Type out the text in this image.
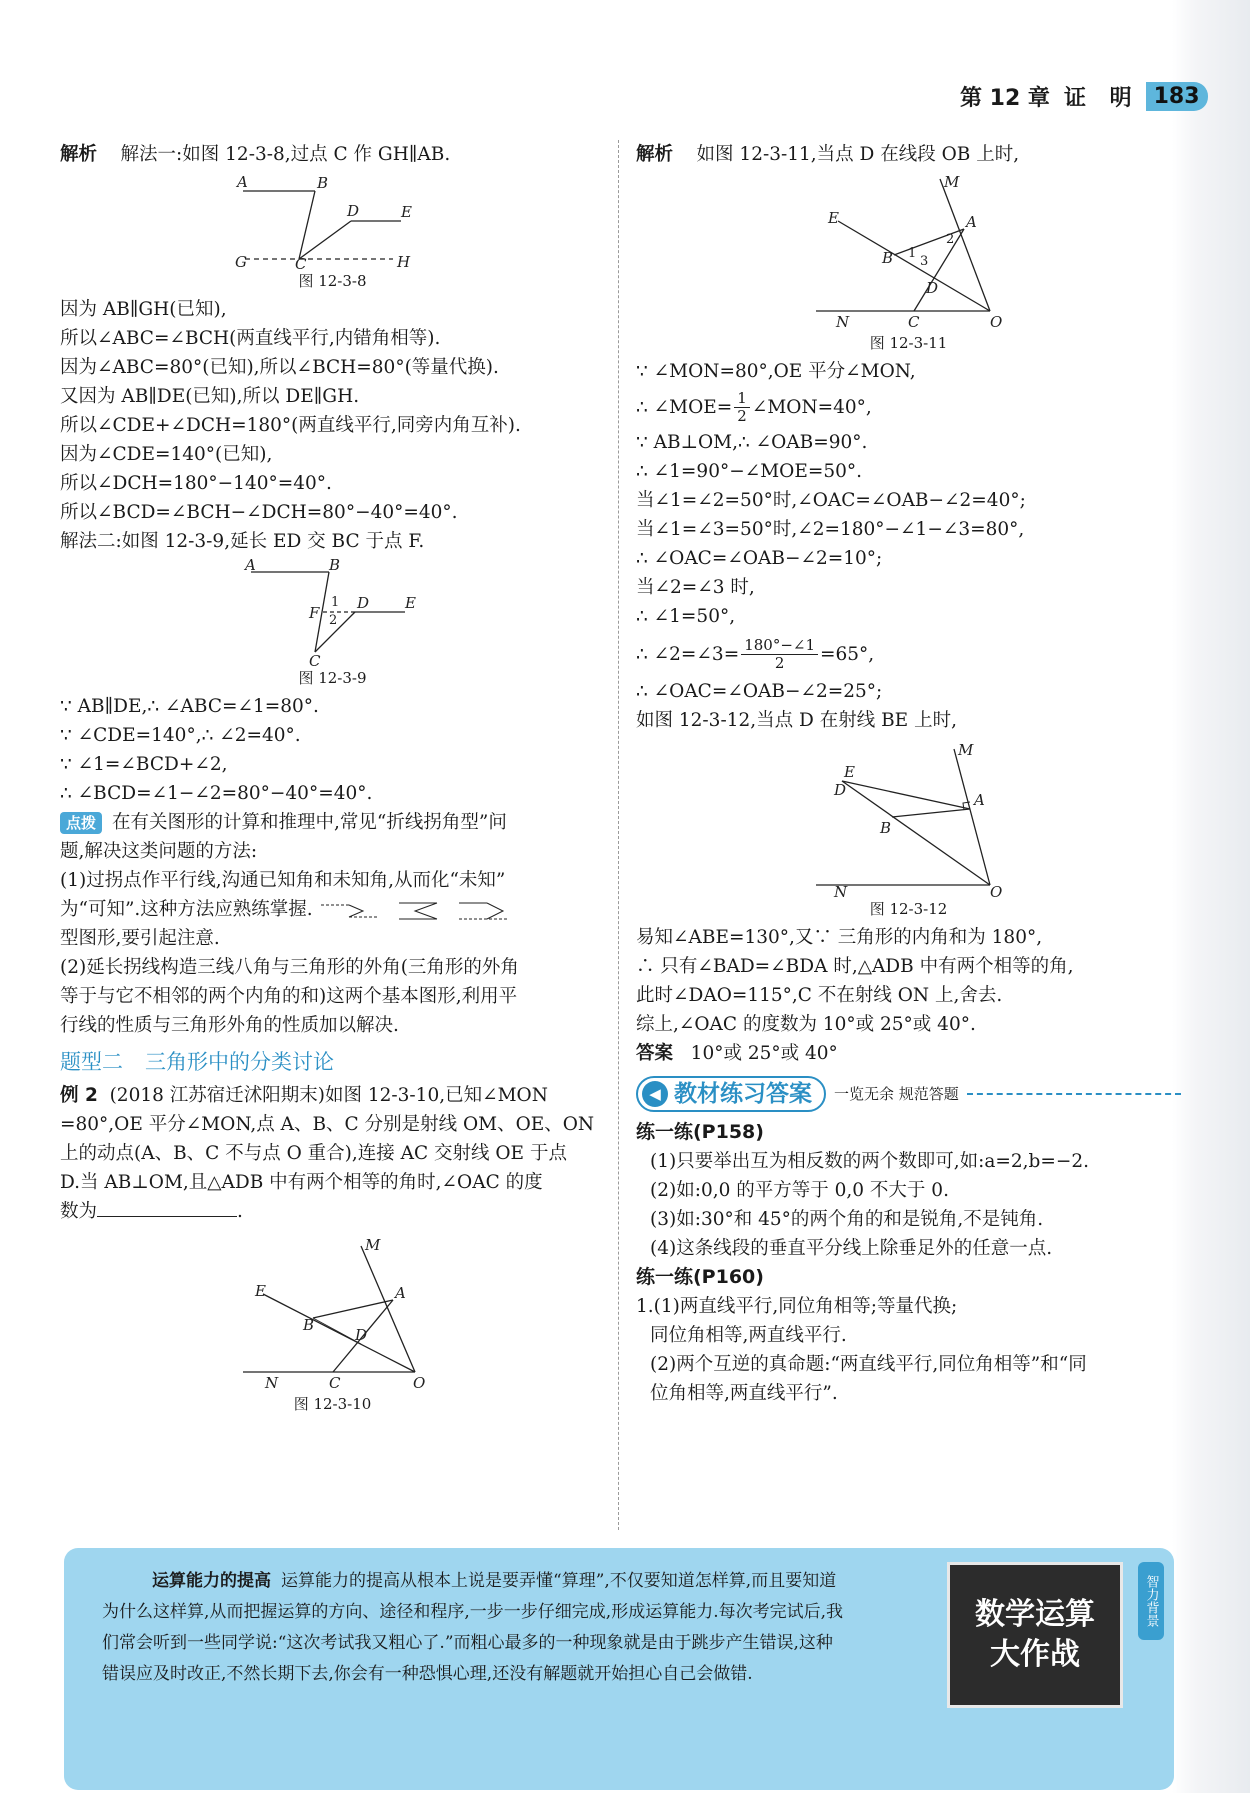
第 12 章 证 明 183
解析 解法一:如图 12-3-8,过点 C 作 GH∥AB.
A	B
D	E
G	C	H
图 12-3-8
因为 AB∥GH(已知),
所以∠ABC=∠BCH(两直线平行,内错角相等).
因为∠ABC=80°(已知),所以∠BCH=80°(等量代换).
又因为 AB∥DE(已知),所以 DE∥GH.
所以∠CDE+∠DCH=180°(两直线平行,同旁内角互补).
因为∠CDE=140°(已知),
所以∠DCH=180°−140°=40°.
所以∠BCD=∠BCH−∠DCH=80°−40°=40°.
解法二:如图 12-3-9,延长 ED 交 BC 于点 F.
A	B
F
1
2
D E
C
图 12-3-9
∵ AB∥DE,∴ ∠ABC=∠1=80°.
∵ ∠CDE=140°,∴ ∠2=40°.
∵ ∠1=∠BCD+∠2,
∴ ∠BCD=∠1−∠2=80°−40°=40°.
点拨 在有关图形的计算和推理中,常见“折线拐角型”问
题,解决这类问题的方法:
(1)过拐点作平行线,沟通已知角和未知角,从而化“未知”
为“可知”.这种方法应熟练掌握.
型图形,要引起注意.
(2)延长拐线构造三线八角与三角形的外角(三角形的外角
等于与它不相邻的两个内角的和)这两个基本图形,利用平
行线的性质与三角形外角的性质加以解决.
题型二 三角形中的分类讨论
例 2 (2018 江苏宿迁沭阳期末)如图 12-3-10,已知∠MON
=80°,OE 平分∠MON,点 A、B、C 分别是射线 OM、OE、ON
上的动点(A、B、C 不与点 O 重合),连接 AC 交射线 OE 于点
D.当 AB⊥OM,且△ADB 中有两个相等的角时,∠OAC 的度
数为	.
M
E	A
B
D
N	C	O
图 12-3-10
解析 如图 12-3-11,当点 D 在线段 OB 上时,
M
E	A
2
B 1
3
D
N	C	O
图 12-3-11
∵ ∠MON=80°,OE 平分∠MON,
∴ ∠MOE= $\frac{1}{2}$ ∠MON=40°,
∵ AB⊥OM,∴ ∠OAB=90°.
∴ ∠1=90°−∠MOE=50°.
当∠1=∠2=50°时,∠OAC=∠OAB−∠2=40°;
当∠1=∠3=50°时,∠2=180°−∠1−∠3=80°,
∴ ∠OAC=∠OAB−∠2=10°;
当∠2=∠3 时,
∴ ∠1=50°,
∴ ∠2=∠3= $\frac{180^\circ-\angle 1}{2} =65^\circ$,
∴ ∠OAC=∠OAB−∠2=25°;
如图 12-3-12,当点 D 在射线 BE 上时,
M
E
D
A
B
N	O
图 12-3-12
易知∠ABE=130°,又∵ 三角形的内角和为 180°,
∴ 只有∠BAD=∠BDA 时,△ADB 中有两个相等的角,
此时∠DAO=115°,C 不在射线 ON 上,舍去.
综上,∠OAC 的度数为 10°或 25°或 40°.
答案 10°或 25°或 40°
◀ 教材练习答案 一览无余 规范答题
练一练(P158)
(1)只要举出互为相反数的两个数即可,如:a=2,b=−2.
(2)如:0,0 的平方等于 0,0 不大于 0.
(3)如:30°和 45°的两个角的和是锐角,不是钝角.
(4)这条线段的垂直平分线上除垂足外的任意一点.
练一练(P160)
1.(1)两直线平行,同位角相等;等量代换;
同位角相等,两直线平行.
(2)两个互逆的真命题:“两直线平行,同位角相等”和“同
位角相等,两直线平行”.
运算能力的提高 运算能力的提高从根本上说是要弄懂“算理”,不仅要知道怎样算,而且要知道
为什么这样算,从而把握运算的方向、途径和程序,一步一步仔细完成,形成运算能力.每次考完试后,我
们常会听到一些同学说:“这次考试我又粗心了.”而粗心最多的一种现象就是由于跳步产生错误,这种
错误应及时改正,不然长期下去,你会有一种恐惧心理,还没有解题就开始担心自己会做错.
数学运算
大作战
智力背景
